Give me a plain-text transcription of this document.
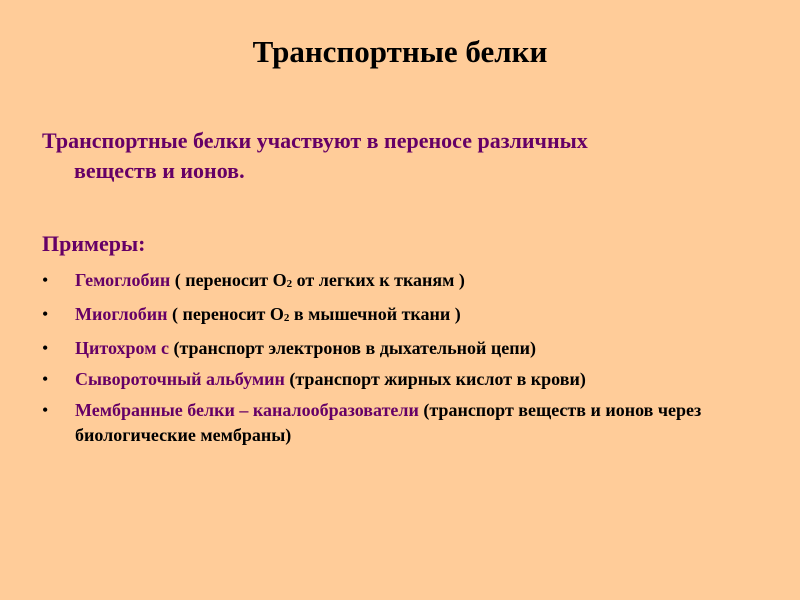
Транспортные белки
Транспортные белки участвуют в переносе различных
веществ и ионов.
Примеры:
• Гемоглобин ( переносит $О_2$ от легких к тканям )
• Миоглобин ( переносит $О_2$ в мышечной ткани )
• Цитохром с (транспорт электронов в дыхательной цепи)
• Сывороточный альбумин (транспорт жирных кислот в крови)
• Мембранные белки – каналообразователи (транспорт веществ и ионов через биологические мембраны)
